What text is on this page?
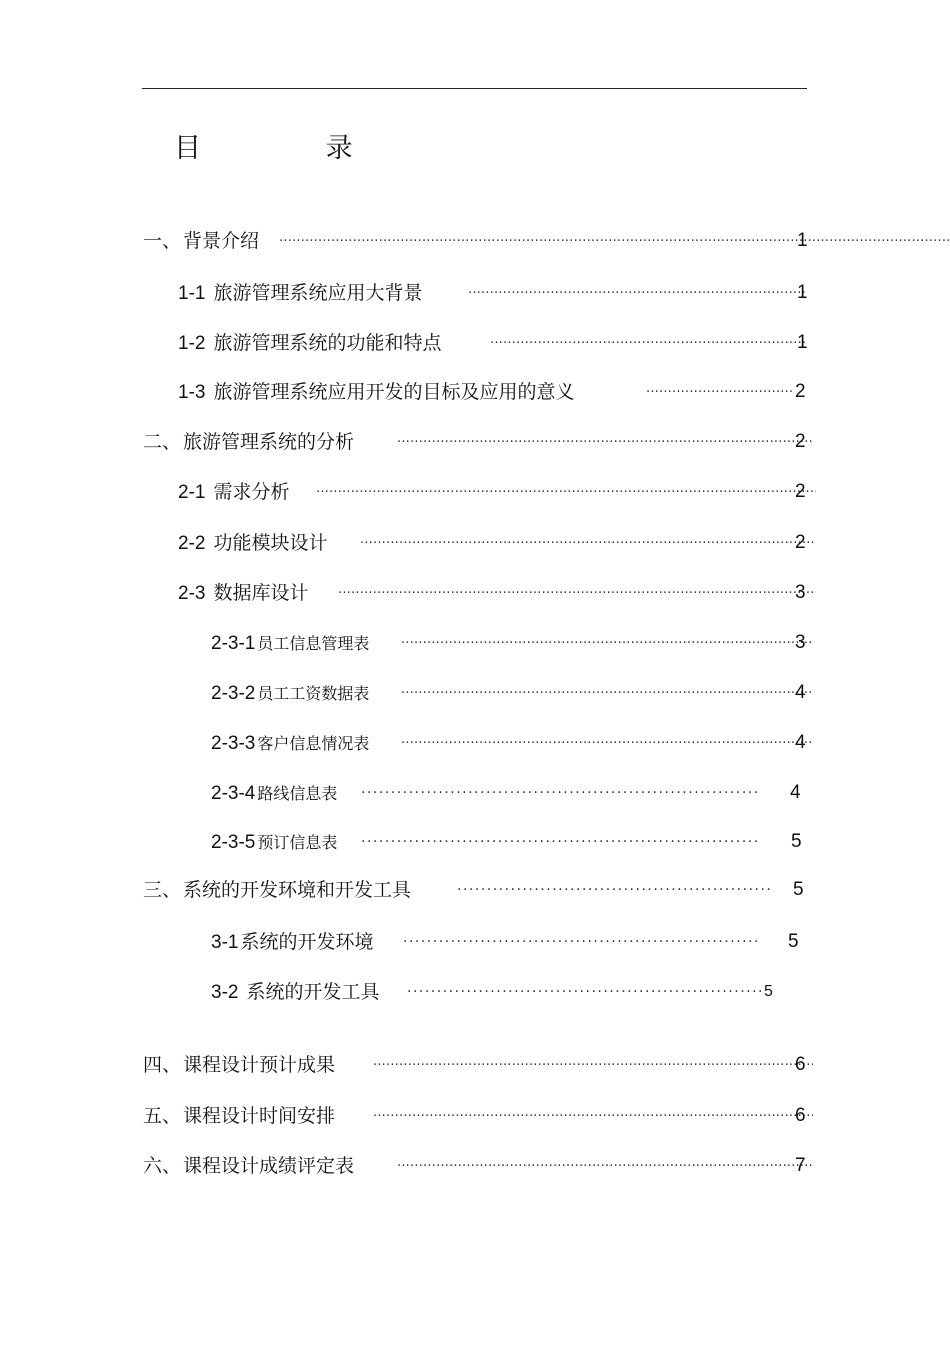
目 录
一、 背景介绍 .....	1
1-1 旅游管理系统应用大背景 .....	1
1-2 旅游管理系统的功能和特点 .....	1
1-3 旅游管理系统应用开发的目标及应用的意义 .....	2
二、 旅游管理系统的分析 .....	2
2-1 需求分析 .....	2
2-2 功能模块设计 .....	2
2-3 数据库设计 .....	3
2-3-1 员工信息管理表 .....	3
2-3-2 员工工资数据表 .....	4
2-3-3 客户信息情况表 .....	4
2-3-4 路线信息表 ·····	4
2-3-5 预订信息表 ·····	5
三、 系统的开发环境和开发工具 ·····	5
3-1 系统的开发环境 ·····	5
3-2 系统的开发工具 ·····	5
四、 课程设计预计成果 .....	6
五、 课程设计时间安排 .....	6
六、 课程设计成绩评定表 .....	7
